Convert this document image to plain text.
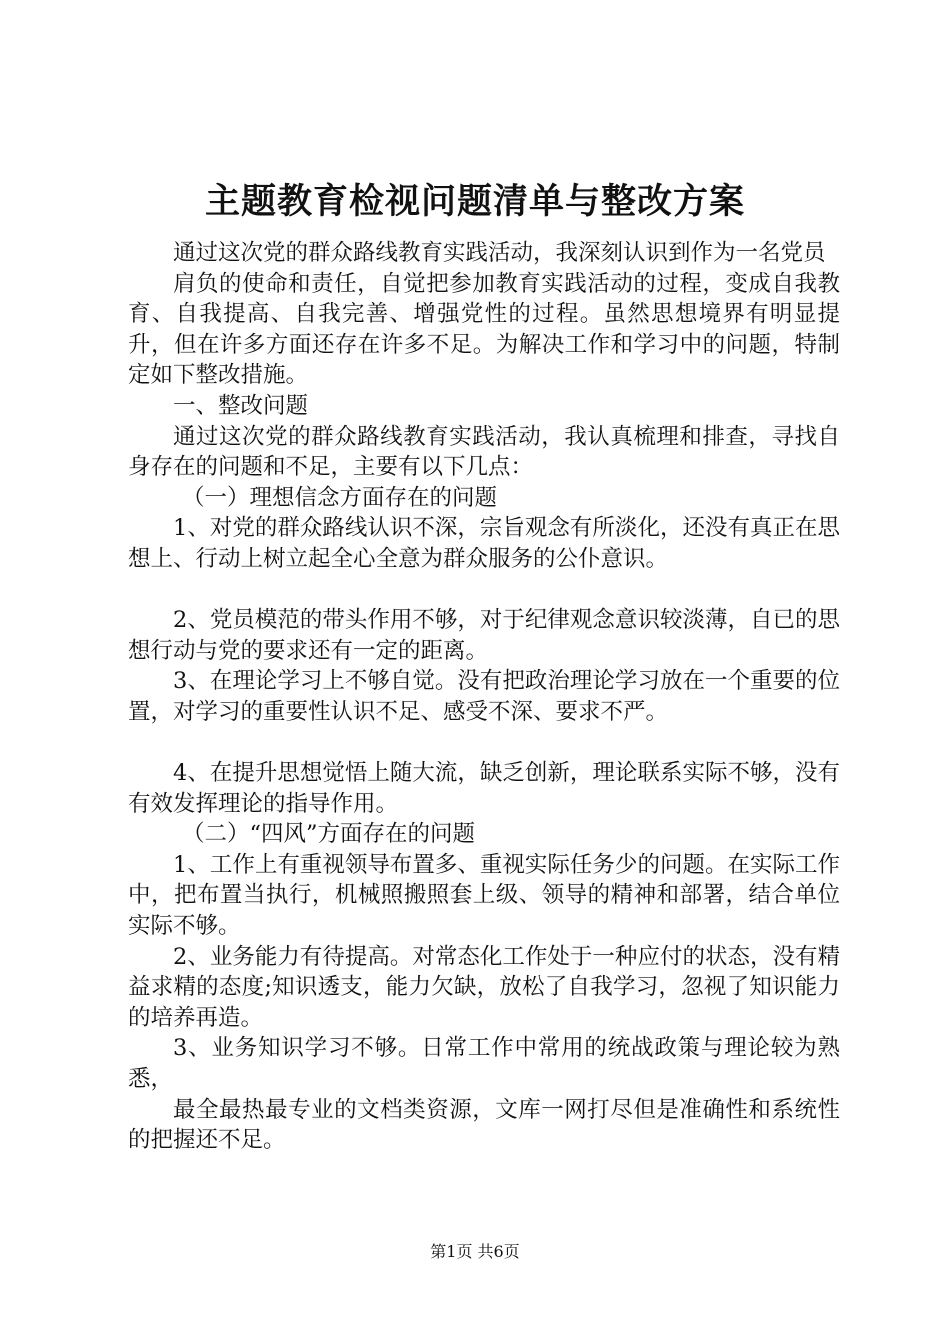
主题教育检视问题清单与整改方案

通过这次党的群众路线教育实践活动，我深刻认识到作为一名党员

肩负的使命和责任，自觉把参加教育实践活动的过程，变成自我教育、自我提高、自我完善、增强党性的过程。虽然思想境界有明显提升，但在许多方面还存在许多不足。为解决工作和学习中的问题，特制定如下整改措施。

一、整改问题

通过这次党的群众路线教育实践活动，我认真梳理和排查，寻找自身存在的问题和不足，主要有以下几点：

（一）理想信念方面存在的问题

1、对党的群众路线认识不深，宗旨观念有所淡化，还没有真正在思想上、行动上树立起全心全意为群众服务的公仆意识。

2、党员模范的带头作用不够，对于纪律观念意识较淡薄，自已的思想行动与党的要求还有一定的距离。

3、在理论学习上不够自觉。没有把政治理论学习放在一个重要的位置，对学习的重要性认识不足、感受不深、要求不严。

4、在提升思想觉悟上随大流，缺乏创新，理论联系实际不够，没有有效发挥理论的指导作用。

（二）“四风”方面存在的问题

1、工作上有重视领导布置多、重视实际任务少的问题。在实际工作中，把布置当执行，机械照搬照套上级、领导的精神和部署，结合单位实际不够。

2、业务能力有待提高。对常态化工作处于一种应付的状态，没有精益求精的态度;知识透支，能力欠缺，放松了自我学习，忽视了知识能力的培养再造。

3、业务知识学习不够。日常工作中常用的统战政策与理论较为熟悉，

最全最热最专业的文档类资源，文库一网打尽但是准确性和系统性的把握还不足。

第1页 共6页
